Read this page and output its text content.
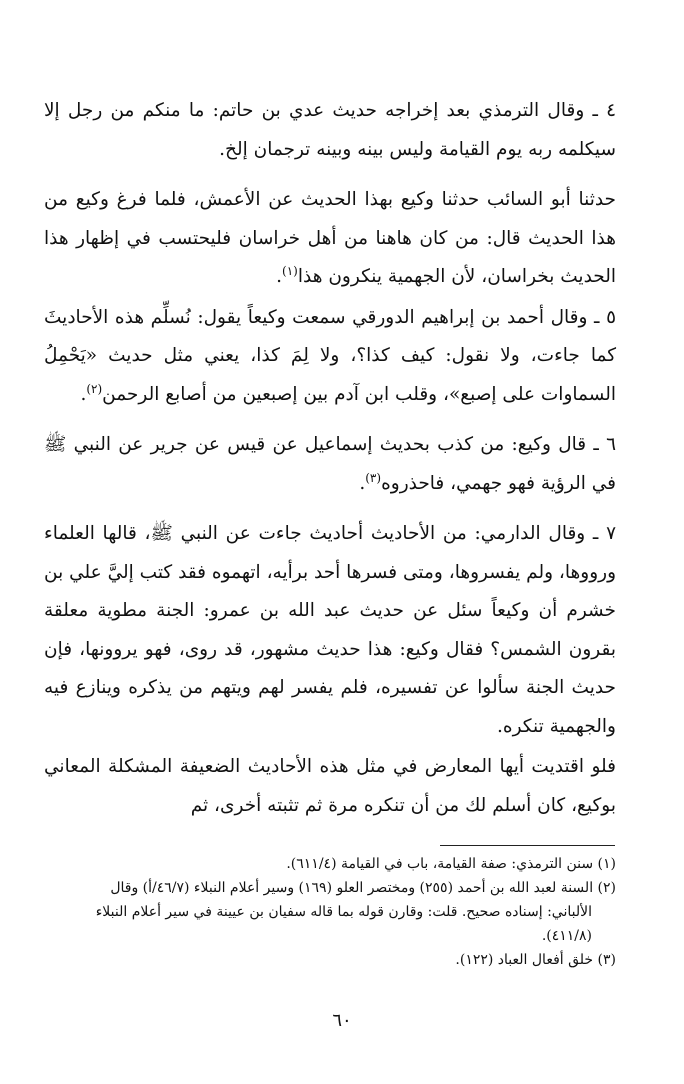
٤ ـ وقال الترمذي بعد إخراجه حديث عدي بن حاتم: ما منكم من رجل إلا سيكلمه ربه يوم القيامة وليس بينه وبينه ترجمان إلخ.

حدثنا أبو السائب حدثنا وكيع بهذا الحديث عن الأعمش، فلما فرغ وكيع من هذا الحديث قال: من كان هاهنا من أهل خراسان فليحتسب في إظهار هذا الحديث بخراسان، لأن الجهمية ينكرون هذا$^{(١)}$.

٥ ـ وقال أحمد بن إبراهيم الدورقي سمعت وكيعاً يقول: نُسلِّم هذه الأحاديثَ كما جاءت، ولا نقول: كيف كذا؟، ولا لِمَ كذا، يعني مثل حديث «يَحْمِلُ السماوات على إصبع»، وقلب ابن آدم بين إصبعين من أصابع الرحمن$^{(٢)}$.

٦ ـ قال وكيع: من كذب بحديث إسماعيل عن قيس عن جرير عن النبي ﷺ في الرؤية فهو جهمي، فاحذروه$^{(٣)}$.

٧ ـ وقال الدارمي: من الأحاديث أحاديث جاءت عن النبي ﷺ، قالها العلماء ورووها، ولم يفسروها، ومتى فسرها أحد برأيه، اتهموه فقد كتب إليَّ علي بن خشرم أن وكيعاً سئل عن حديث عبد الله بن عمرو: الجنة مطوية معلقة بقرون الشمس؟ فقال وكيع: هذا حديث مشهور، قد روى، فهو يروونها، فإن حديث الجنة سألوا عن تفسيره، فلم يفسر لهم ويتهم من يذكره وينازع فيه والجهمية تنكره.

فلو اقتديت أيها المعارض في مثل هذه الأحاديث الضعيفة المشكلة المعاني بوكيع، كان أسلم لك من أن تنكره مرة ثم تثبته أخرى، ثم

(١) سنن الترمذي: صفة القيامة، باب في القيامة (٦١١/٤).

(٢) السنة لعبد الله بن أحمد (٢٥٥) ومختصر العلو (١٦٩) وسير أعلام النبلاء (٤٦/٧/أ) وقال

الألباني: إسناده صحيح. قلت: وقارن قوله بما قاله سفيان بن عيينة في سير أعلام النبلاء (٤١١/٨).

(٣) خلق أفعال العباد (١٢٢).

٦٠
